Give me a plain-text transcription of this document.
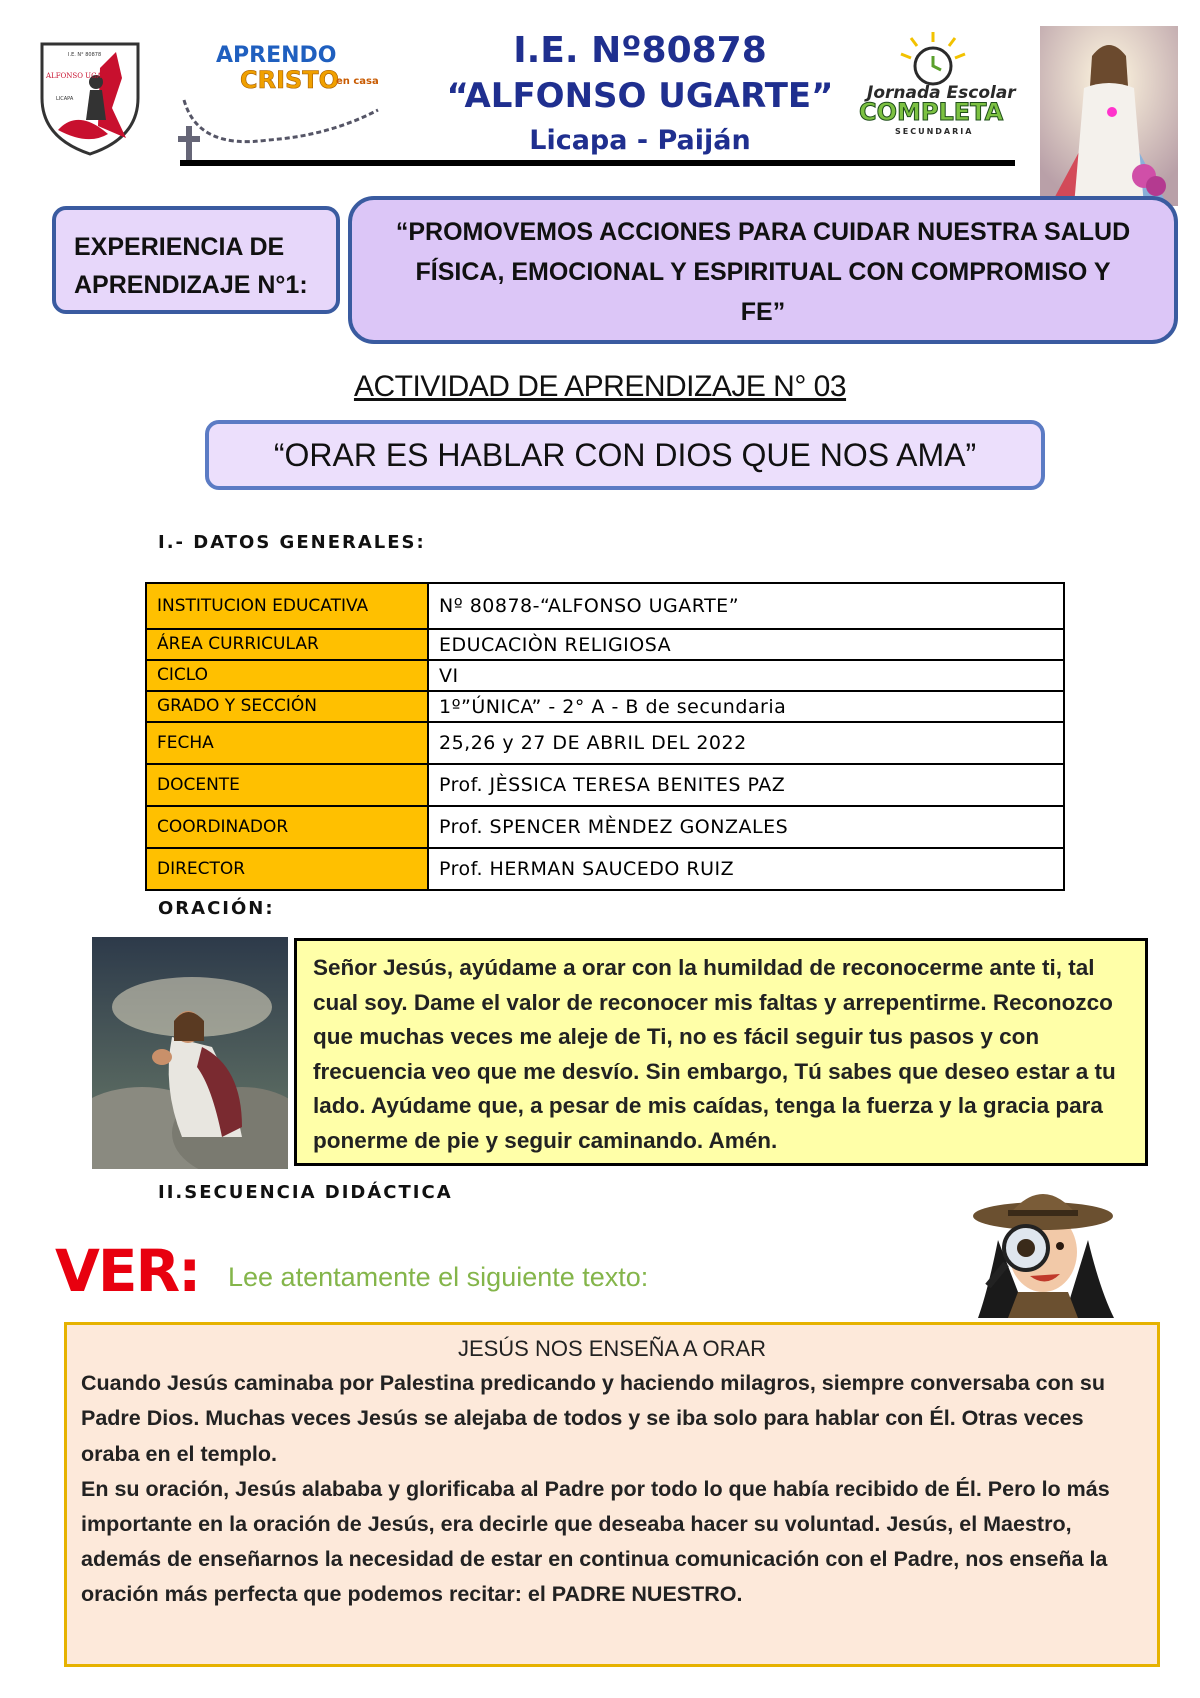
I.E. N° 80878
ALFONSO UGARTE
LICAPA
APRENDO
CRISTO
en casa
I.E. Nº80878
“ALFONSO UGARTE”
Licapa - Paiján
Jornada Escolar
COMPLETA
SECUNDARIA
EXPERIENCIA DE APRENDIZAJE N°1:
“PROMOVEMOS ACCIONES PARA CUIDAR NUESTRA SALUD FÍSICA, EMOCIONAL Y ESPIRITUAL CON COMPROMISO Y FE”
ACTIVIDAD DE APRENDIZAJE N° 03
“ORAR ES HABLAR CON DIOS QUE NOS AMA”
I.- DATOS GENERALES:
INSTITUCION EDUCATIVA	Nº 80878-“ALFONSO UGARTE”
ÁREA CURRICULAR	EDUCACIÒN RELIGIOSA
CICLO	VI
GRADO Y SECCIÓN	1º”ÚNICA” - 2° A - B de secundaria
FECHA	25,26 y 27 DE ABRIL DEL 2022
DOCENTE	Prof. JÈSSICA TERESA BENITES PAZ
COORDINADOR	Prof. SPENCER MÈNDEZ GONZALES
DIRECTOR	Prof. HERMAN SAUCEDO RUIZ
ORACIÓN:
Señor Jesús, ayúdame a orar con la humildad de reconocerme ante ti, tal cual soy. Dame el valor de reconocer mis faltas y arrepentirme. Reconozco que muchas veces me aleje de Ti, no es fácil seguir tus pasos y con frecuencia veo que me desvío. Sin embargo, Tú sabes que deseo estar a tu lado. Ayúdame que, a pesar de mis caídas, tenga la fuerza y la gracia para ponerme de pie y seguir caminando. Amén.
II.SECUENCIA DIDÁCTICA
VER: Lee atentamente el siguiente texto:
JESÚS NOS ENSEÑA A ORAR

Cuando Jesús caminaba por Palestina predicando y haciendo milagros, siempre conversaba con su Padre Dios. Muchas veces Jesús se alejaba de todos y se iba solo para hablar con Él. Otras veces oraba en el templo.

En su oración, Jesús alababa y glorificaba al Padre por todo lo que había recibido de Él. Pero lo más importante en la oración de Jesús, era decirle que deseaba hacer su voluntad. Jesús, el Maestro, además de enseñarnos la necesidad de estar en continua comunicación con el Padre, nos enseña la oración más perfecta que podemos recitar: el PADRE NUESTRO.
